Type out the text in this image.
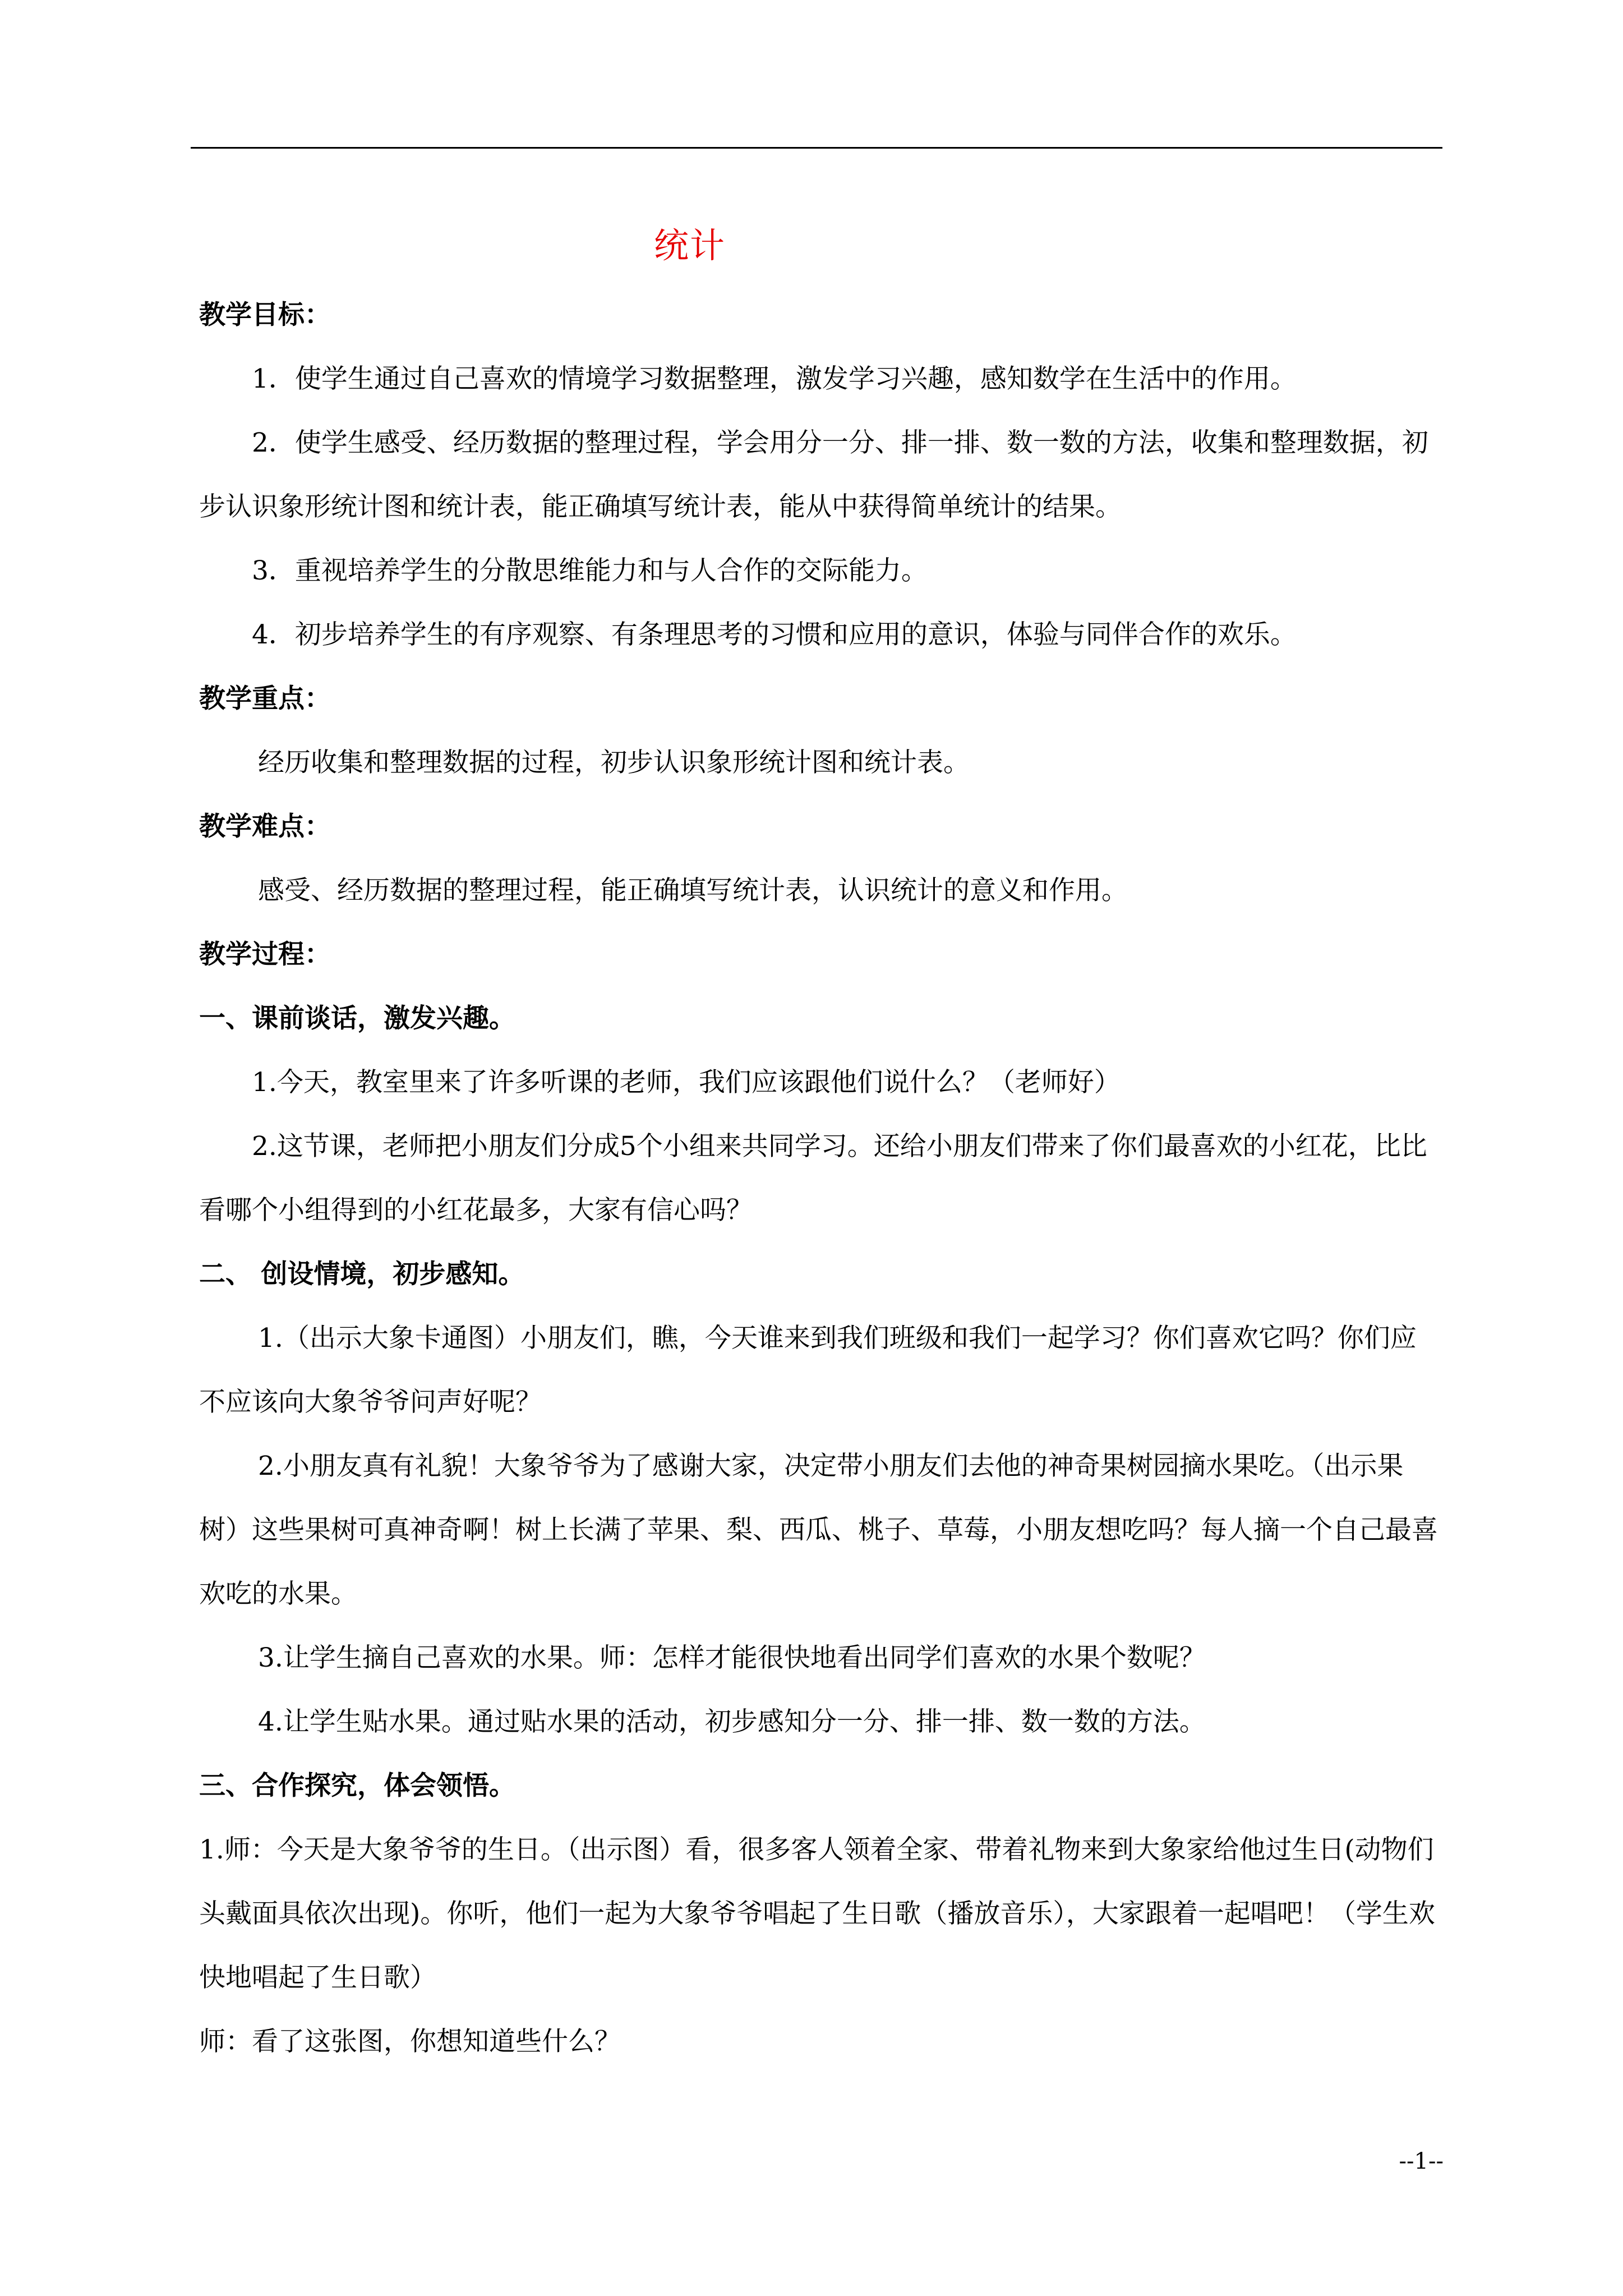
统计

教学目标：

1．使学生通过自己喜欢的情境学习数据整理，激发学习兴趣，感知数学在生活中的作用。

2．使学生感受、经历数据的整理过程，学会用分一分、排一排、数一数的方法，收集和整理数据，初步认识象形统计图和统计表，能正确填写统计表，能从中获得简单统计的结果。

3．重视培养学生的分散思维能力和与人合作的交际能力。

4．初步培养学生的有序观察、有条理思考的习惯和应用的意识，体验与同伴合作的欢乐。

教学重点：

经历收集和整理数据的过程，初步认识象形统计图和统计表。

教学难点：

感受、经历数据的整理过程，能正确填写统计表，认识统计的意义和作用。

教学过程：

一、课前谈话，激发兴趣。

1.今天，教室里来了许多听课的老师，我们应该跟他们说什么？（老师好）

2.这节课，老师把小朋友们分成5个小组来共同学习。还给小朋友们带来了你们最喜欢的小红花，比比看哪个小组得到的小红花最多，大家有信心吗？

二、 创设情境，初步感知。

1.（出示大象卡通图）小朋友们，瞧，今天谁来到我们班级和我们一起学习？你们喜欢它吗？你们应不应该向大象爷爷问声好呢？

2.小朋友真有礼貌！大象爷爷为了感谢大家，决定带小朋友们去他的神奇果树园摘水果吃。（出示果树）这些果树可真神奇啊！树上长满了苹果、梨、西瓜、桃子、草莓，小朋友想吃吗？每人摘一个自己最喜欢吃的水果。

3.让学生摘自己喜欢的水果。师：怎样才能很快地看出同学们喜欢的水果个数呢？

4.让学生贴水果。通过贴水果的活动，初步感知分一分、排一排、数一数的方法。

三、合作探究，体会领悟。

1.师：今天是大象爷爷的生日。（出示图）看，很多客人领着全家、带着礼物来到大象家给他过生日(动物们头戴面具依次出现)。你听，他们一起为大象爷爷唱起了生日歌（播放音乐），大家跟着一起唱吧！（学生欢快地唱起了生日歌）

师：看了这张图，你想知道些什么？

--1--
